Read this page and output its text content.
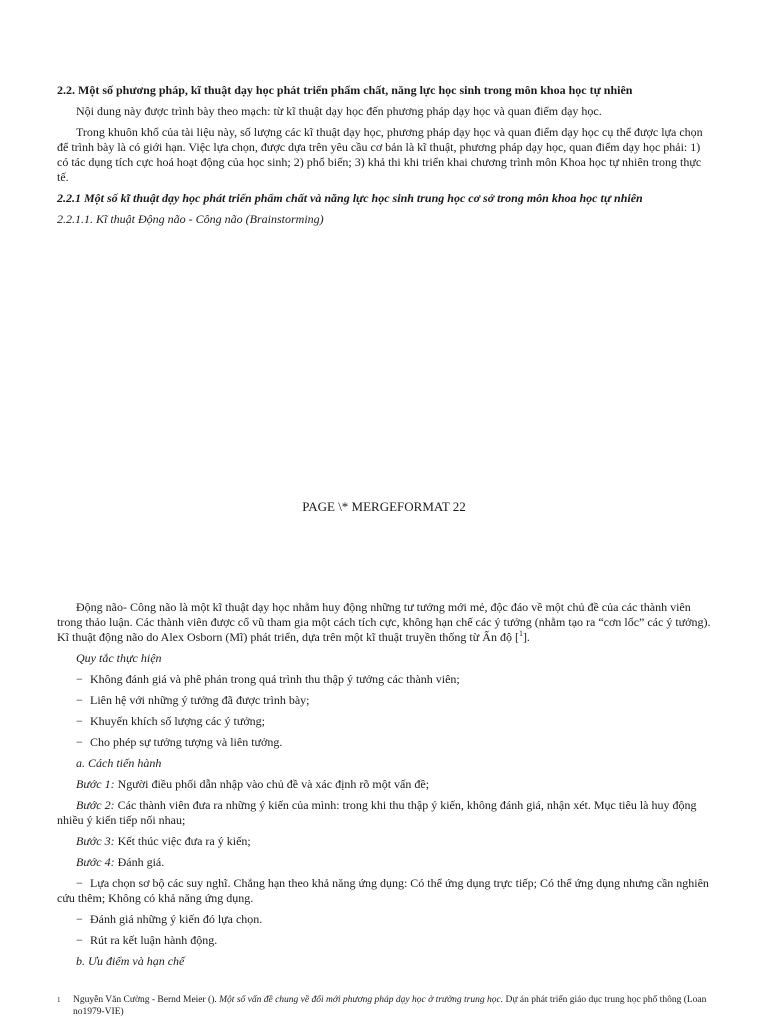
2.2. Một số phương pháp, kĩ thuật dạy học phát triển phẩm chất, năng lực học sinh trong môn khoa học tự nhiên

Nội dung này được trình bày theo mạch: từ kĩ thuật dạy học đến phương pháp dạy học và quan điểm dạy học.

Trong khuôn khổ của tài liệu này, số lượng các kĩ thuật dạy học, phương pháp dạy học và quan điểm dạy học cụ thể được lựa chọn để trình bày là có giới hạn. Việc lựa chọn, được dựa trên yêu cầu cơ bản là kĩ thuật, phương pháp dạy học, quan điểm dạy học phải: 1) có tác dụng tích cực hoá hoạt động của học sinh; 2) phổ biến; 3) khả thi khi triển khai chương trình môn Khoa học tự nhiên trong thực tế.

2.2.1 Một số kĩ thuật dạy học phát triển phẩm chất và năng lực học sinh trung học cơ sở trong môn khoa học tự nhiên

2.2.1.1. Kĩ thuật Động não - Công não (Brainstorming)

PAGE \* MERGEFORMAT 22

Động não- Công não là một kĩ thuật dạy học nhằm huy động những tư tưởng mới mẻ, độc đáo về một chủ đề của các thành viên trong thảo luận. Các thành viên được cổ vũ tham gia một cách tích cực, không hạn chế các ý tưởng (nhằm tạo ra “cơn lốc” các ý tưởng). Kĩ thuật động não do Alex Osborn (Mĩ) phát triển, dựa trên một kĩ thuật truyền thống từ Ấn độ [$^1$].

Quy tắc thực hiện

− Không đánh giá và phê phán trong quá trình thu thập ý tưởng các thành viên;

− Liên hệ với những ý tưởng đã được trình bày;

− Khuyến khích số lượng các ý tưởng;

− Cho phép sự tưởng tượng và liên tưởng.

a. Cách tiến hành

Bước 1: Người điều phối dẫn nhập vào chủ đề và xác định rõ một vấn đề;

Bước 2: Các thành viên đưa ra những ý kiến của mình: trong khi thu thập ý kiến, không đánh giá, nhận xét. Mục tiêu là huy động nhiều ý kiến tiếp nối nhau;

Bước 3: Kết thúc việc đưa ra ý kiến;

Bước 4: Đánh giá.

− Lựa chọn sơ bộ các suy nghĩ. Chẳng hạn theo khả năng ứng dụng: Có thể ứng dụng trực tiếp; Có thể ứng dụng nhưng cần nghiên cứu thêm; Không có khả năng ứng dụng.

− Đánh giá những ý kiến đó lựa chọn.

− Rút ra kết luận hành động.

b. Ưu điểm và hạn chế

1 Nguyễn Văn Cường - Bernd Meier (). Một số vấn đề chung về đổi mới phương pháp dạy học ở trường trung học. Dự án phát triển giáo dục trung học phổ thông (Loan no1979-VIE)
